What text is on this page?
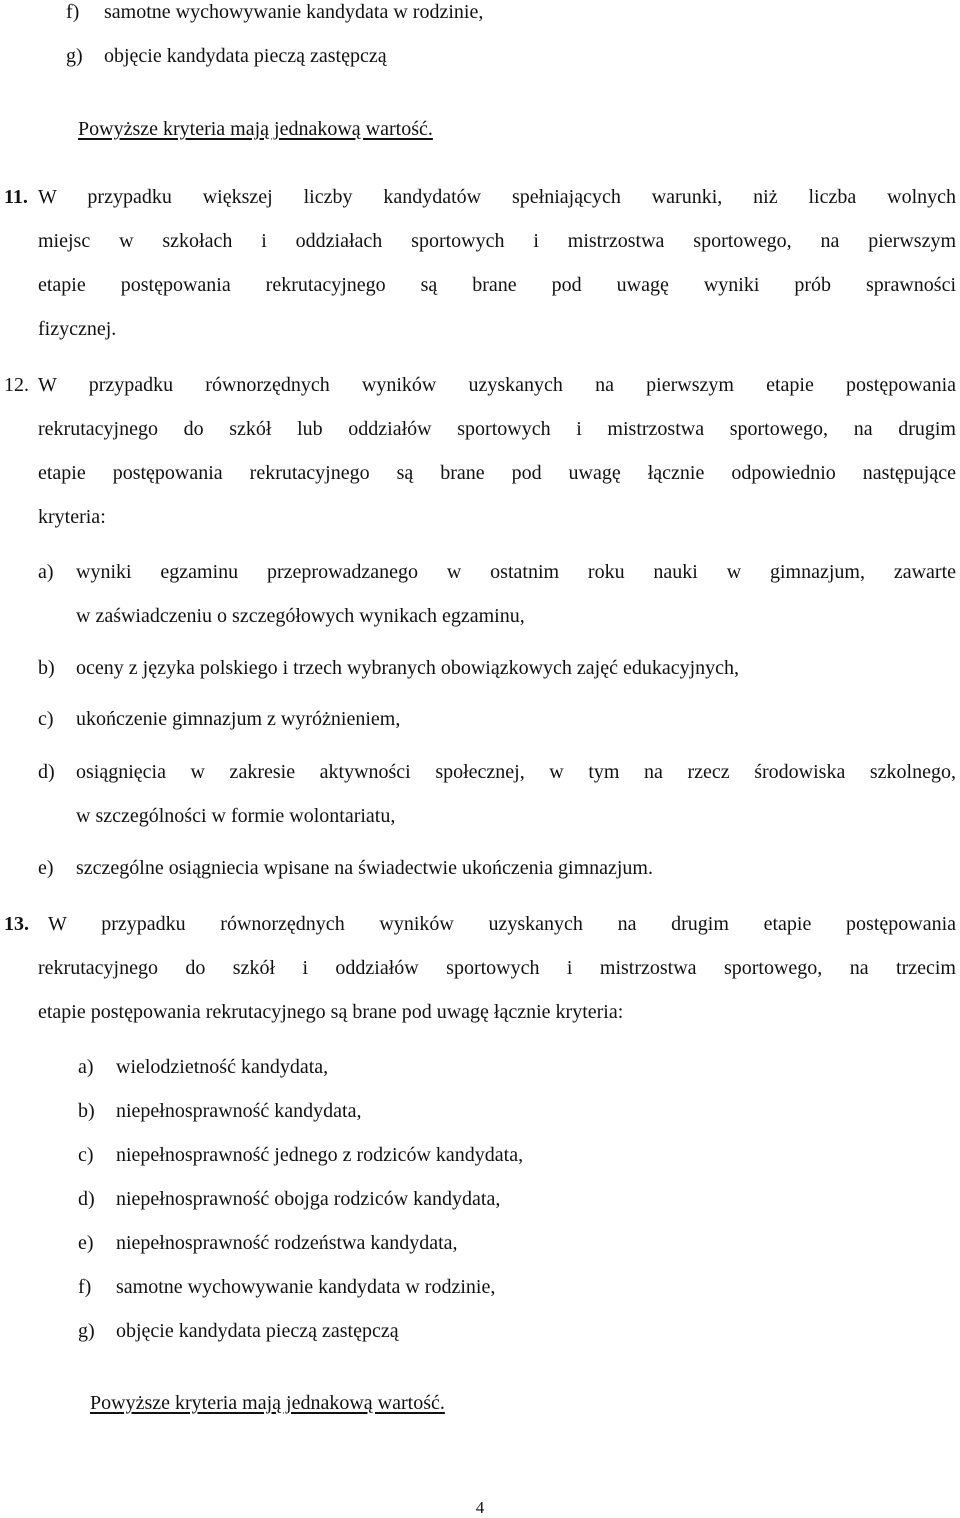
f) samotne wychowywanie kandydata w rodzinie,
g) objęcie kandydata pieczą zastępczą
Powyższe kryteria mają jednakową wartość.
11. W przypadku większej liczby kandydatów spełniających warunki, niż liczba wolnych
miejsc w szkołach i oddziałach sportowych i mistrzostwa sportowego, na pierwszym
etapie postępowania rekrutacyjnego są brane pod uwagę wyniki prób sprawności
fizycznej.
12. W przypadku równorzędnych wyników uzyskanych na pierwszym etapie postępowania
rekrutacyjnego do szkół lub oddziałów sportowych i mistrzostwa sportowego, na drugim
etapie postępowania rekrutacyjnego są brane pod uwagę łącznie odpowiednio następujące
kryteria:
a) wyniki egzaminu przeprowadzanego w ostatnim roku nauki w gimnazjum, zawarte
w zaświadczeniu o szczegółowych wynikach egzaminu,
b) oceny z języka polskiego i trzech wybranych obowiązkowych zajęć edukacyjnych,
c) ukończenie gimnazjum z wyróżnieniem,
d) osiągnięcia w zakresie aktywności społecznej, w tym na rzecz środowiska szkolnego,
w szczególności w formie wolontariatu,
e) szczególne osiągniecia wpisane na świadectwie ukończenia gimnazjum.
13. W przypadku równorzędnych wyników uzyskanych na drugim etapie postępowania
rekrutacyjnego do szkół i oddziałów sportowych i mistrzostwa sportowego, na trzecim
etapie postępowania rekrutacyjnego są brane pod uwagę łącznie kryteria:
a) wielodzietność kandydata,
b) niepełnosprawność kandydata,
c) niepełnosprawność jednego z rodziców kandydata,
d) niepełnosprawność obojga rodziców kandydata,
e) niepełnosprawność rodzeństwa kandydata,
f) samotne wychowywanie kandydata w rodzinie,
g) objęcie kandydata pieczą zastępczą
Powyższe kryteria mają jednakową wartość.
4
